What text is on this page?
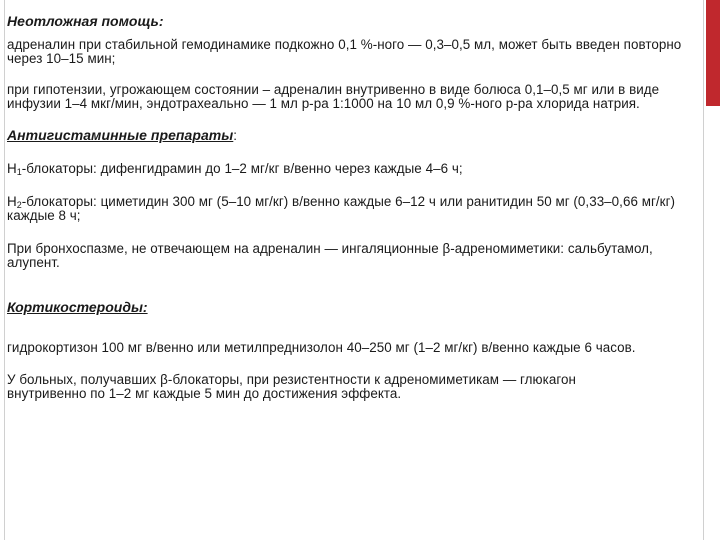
Неотложная помощь:

адреналин при стабильной гемодинамике подкожно 0,1 %-ного — 0,3–0,5 мл, может быть введен повторно через 10–15 мин;

при гипотензии, угрожающем состоянии – адреналин внутривенно в виде болюса 0,1–0,5 мг или в виде инфузии 1–4 мкг/мин, эндотрахеально — 1 мл р-ра 1:1000 на 10 мл 0,9 %-ного р-ра хлорида натрия.

Антигистаминные препараты:

$H_1$-блокаторы: дифенгидрамин до 1–2 мг/кг в/венно через каждые 4–6 ч;

$H_2$-блокаторы: циметидин 300 мг (5–10 мг/кг) в/венно каждые 6–12 ч или ранитидин 50 мг (0,33–0,66 мг/кг) каждые 8 ч;

При бронхоспазме, не отвечающем на адреналин — ингаляционные β-адреномиметики: сальбутамол, алупент.

Кортикостероиды:

гидрокортизон 100 мг в/венно или метилпреднизолон 40–250 мг (1–2 мг/кг) в/венно каждые 6 часов.

У больных, получавших β-блокаторы, при резистентности к адреномиметикам — глюкагон внутривенно по 1–2 мг каждые 5 мин до достижения эффекта.
